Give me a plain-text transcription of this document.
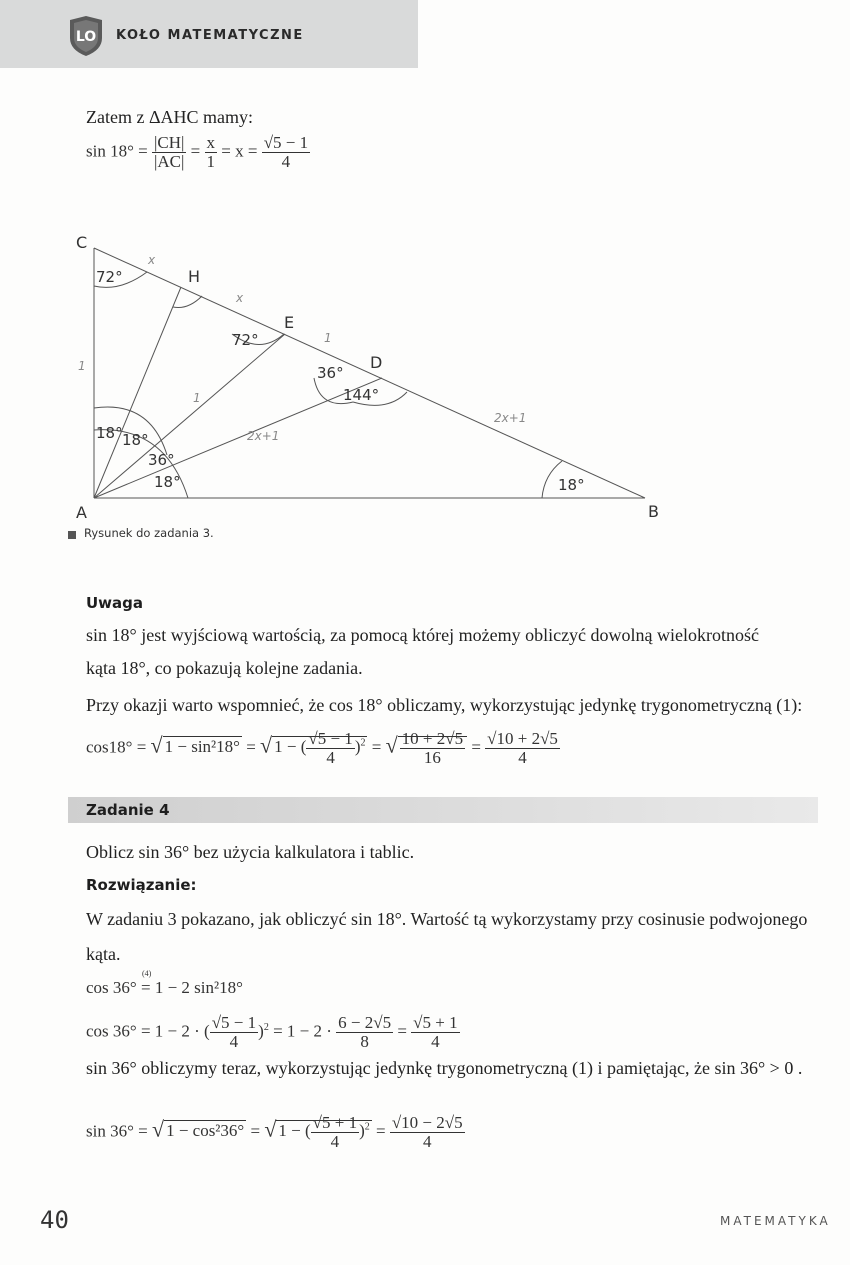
LO KOŁO MATEMATYCZNE
Zatem z ΔAHC mamy:
$\sin 18^\circ = \frac{|CH|}{|AC|} = \frac{x}{1} = x = \frac{√5 - 1}{4}$
C
H
E
D
A	B
72°
72°
36°
144°
18° 18°
36°
18°	18°
x
x
1
1
1
2x+1
2x+1
Rysunek do zadania 3.
Uwaga
sin 18° jest wyjściową wartością, za pomocą której możemy obliczyć dowolną wielokrotność
kąta 18°, co pokazują kolejne zadania.
Przy okazji warto wspomnieć, że cos 18° obliczamy, wykorzystując jedynkę trygonometryczną (1):
cos18° = √ 1 − sin²18° = √ 1 − ( $\frac{√5 - 1}{4} )^2$ = √ $\frac{10 + 2√5}{16} = \frac{√10 + 2√5}{4}$
Zadanie 4
Oblicz sin 36° bez użycia kalkulatora i tablic.
Rozwiązanie:
W zadaniu 3 pokazano, jak obliczyć sin 18°. Wartość tą wykorzystamy przy cosinusie podwojonego
kąta.
cos 36°
(4)
= 1 − 2 sin²18°
cos 36° = 1 − 2 · ( $\frac{√5 - 1}{4} )^2 = 1 - 2 \cdot \frac{6 - 2√5}{8} = \frac{√5 + 1}{4}$
sin 36° obliczymy teraz, wykorzystując jedynkę trygonometryczną (1) i pamiętając, że sin 36° > 0 .
sin 36° = √ 1 − cos²36° = √ 1 − ( $\frac{√5 + 1}{4} )^2 = \frac{√10 - 2√5}{4}$
40	MATEMATYKA
